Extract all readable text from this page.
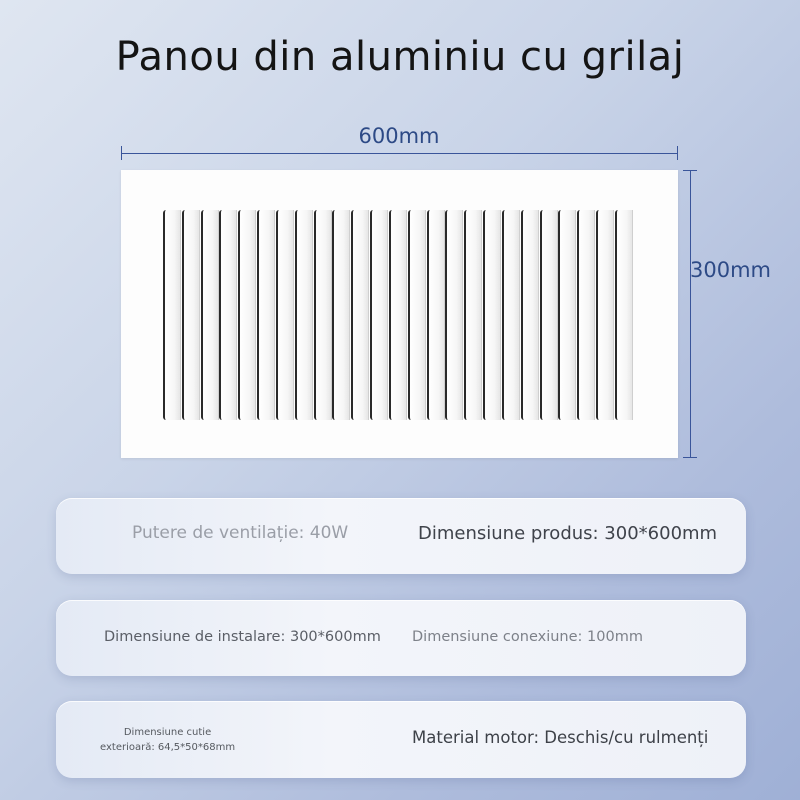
Panou din aluminiu cu grilaj
600mm
300mm
Putere de ventilație: 40W	Dimensiune produs: 300*600mm
Dimensiune de instalare: 300*600mm Dimensiune conexiune: 100mm
Dimensiune cutie
exterioară: 64,5*50*68mm
Material motor: Deschis/cu rulmenți
